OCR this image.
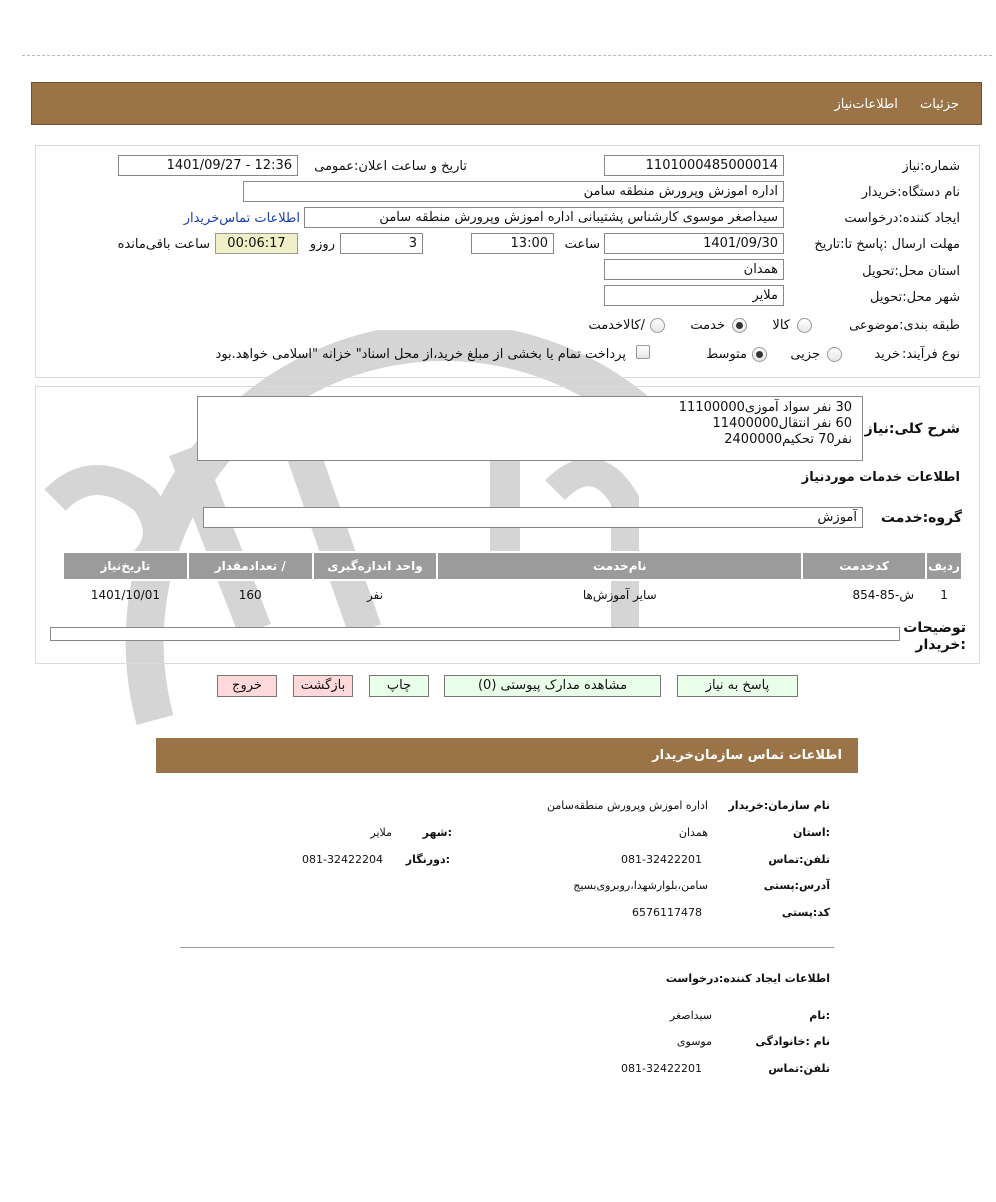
جزئیات اطلاعات‌نیاز
شماره:نیاز
1101000485000014
تاریخ و ساعت اعلان:عمومی
1401/09/27 - 12:36
نام دستگاه:خریدار
اداره اموزش وپرورش منطقه سامن
ایجاد کننده:درخواست
سیداصغر موسوی کارشناس پشتیبانی اداره اموزش وپرورش منطقه سامن
اطلاعات تماس‌خریدار
مهلت ارسال :پاسخ تا:تاریخ
1401/09/30
ساعت
13:00
3
روزو
00:06:17
ساعت باقی‌مانده
استان محل:تحویل
همدان
شهر محل:تحویل
ملایر
طبقه بندی:موضوعی
کالا
خدمت
/کالاخدمت
نوع فرآیند:
خرید
جزیی
متوسط
پرداخت تمام یا بخشی از مبلغ خرید،از محل اسناد" خزانه "اسلامی خواهد.بود
شرح کلی:نیاز
30 نفر سواد آموزی11100000
60 نفر انتقال11400000
نفر70 تحکیم2400000
اطلاعات خدمات موردنیاز
گروه:خدمت
آموزش
ردیف	کدخدمت	نام‌خدمت	واحد اندازه‌گیری	/ تعدادمقدار	تاریخ‌نیاز
1	ش-85-854	سایر آموزش‌ها	نفر	160	1401/10/01
توضیحات
:خریدار
پاسخ به نیاز
مشاهده مدارک پیوستی (0)
چاپ
بازگشت
خروج
اطلاعات تماس سازمان‌خریدار
نام سازمان:خریدار
اداره اموزش وپرورش منطقه‌سامن
:استان
همدان
:شهر
ملایر
تلفن:تماس
081-32422201
:دورنگار
081-32422204
آدرس:پستی
سامن،بلوارشهدا،روبروی‌بسیج
کد:پستی
6576117478
اطلاعات ایجاد کننده:درخواست
:نام
سیداصغر
نام :خانوادگی
موسوی
تلفن:تماس
081-32422201
